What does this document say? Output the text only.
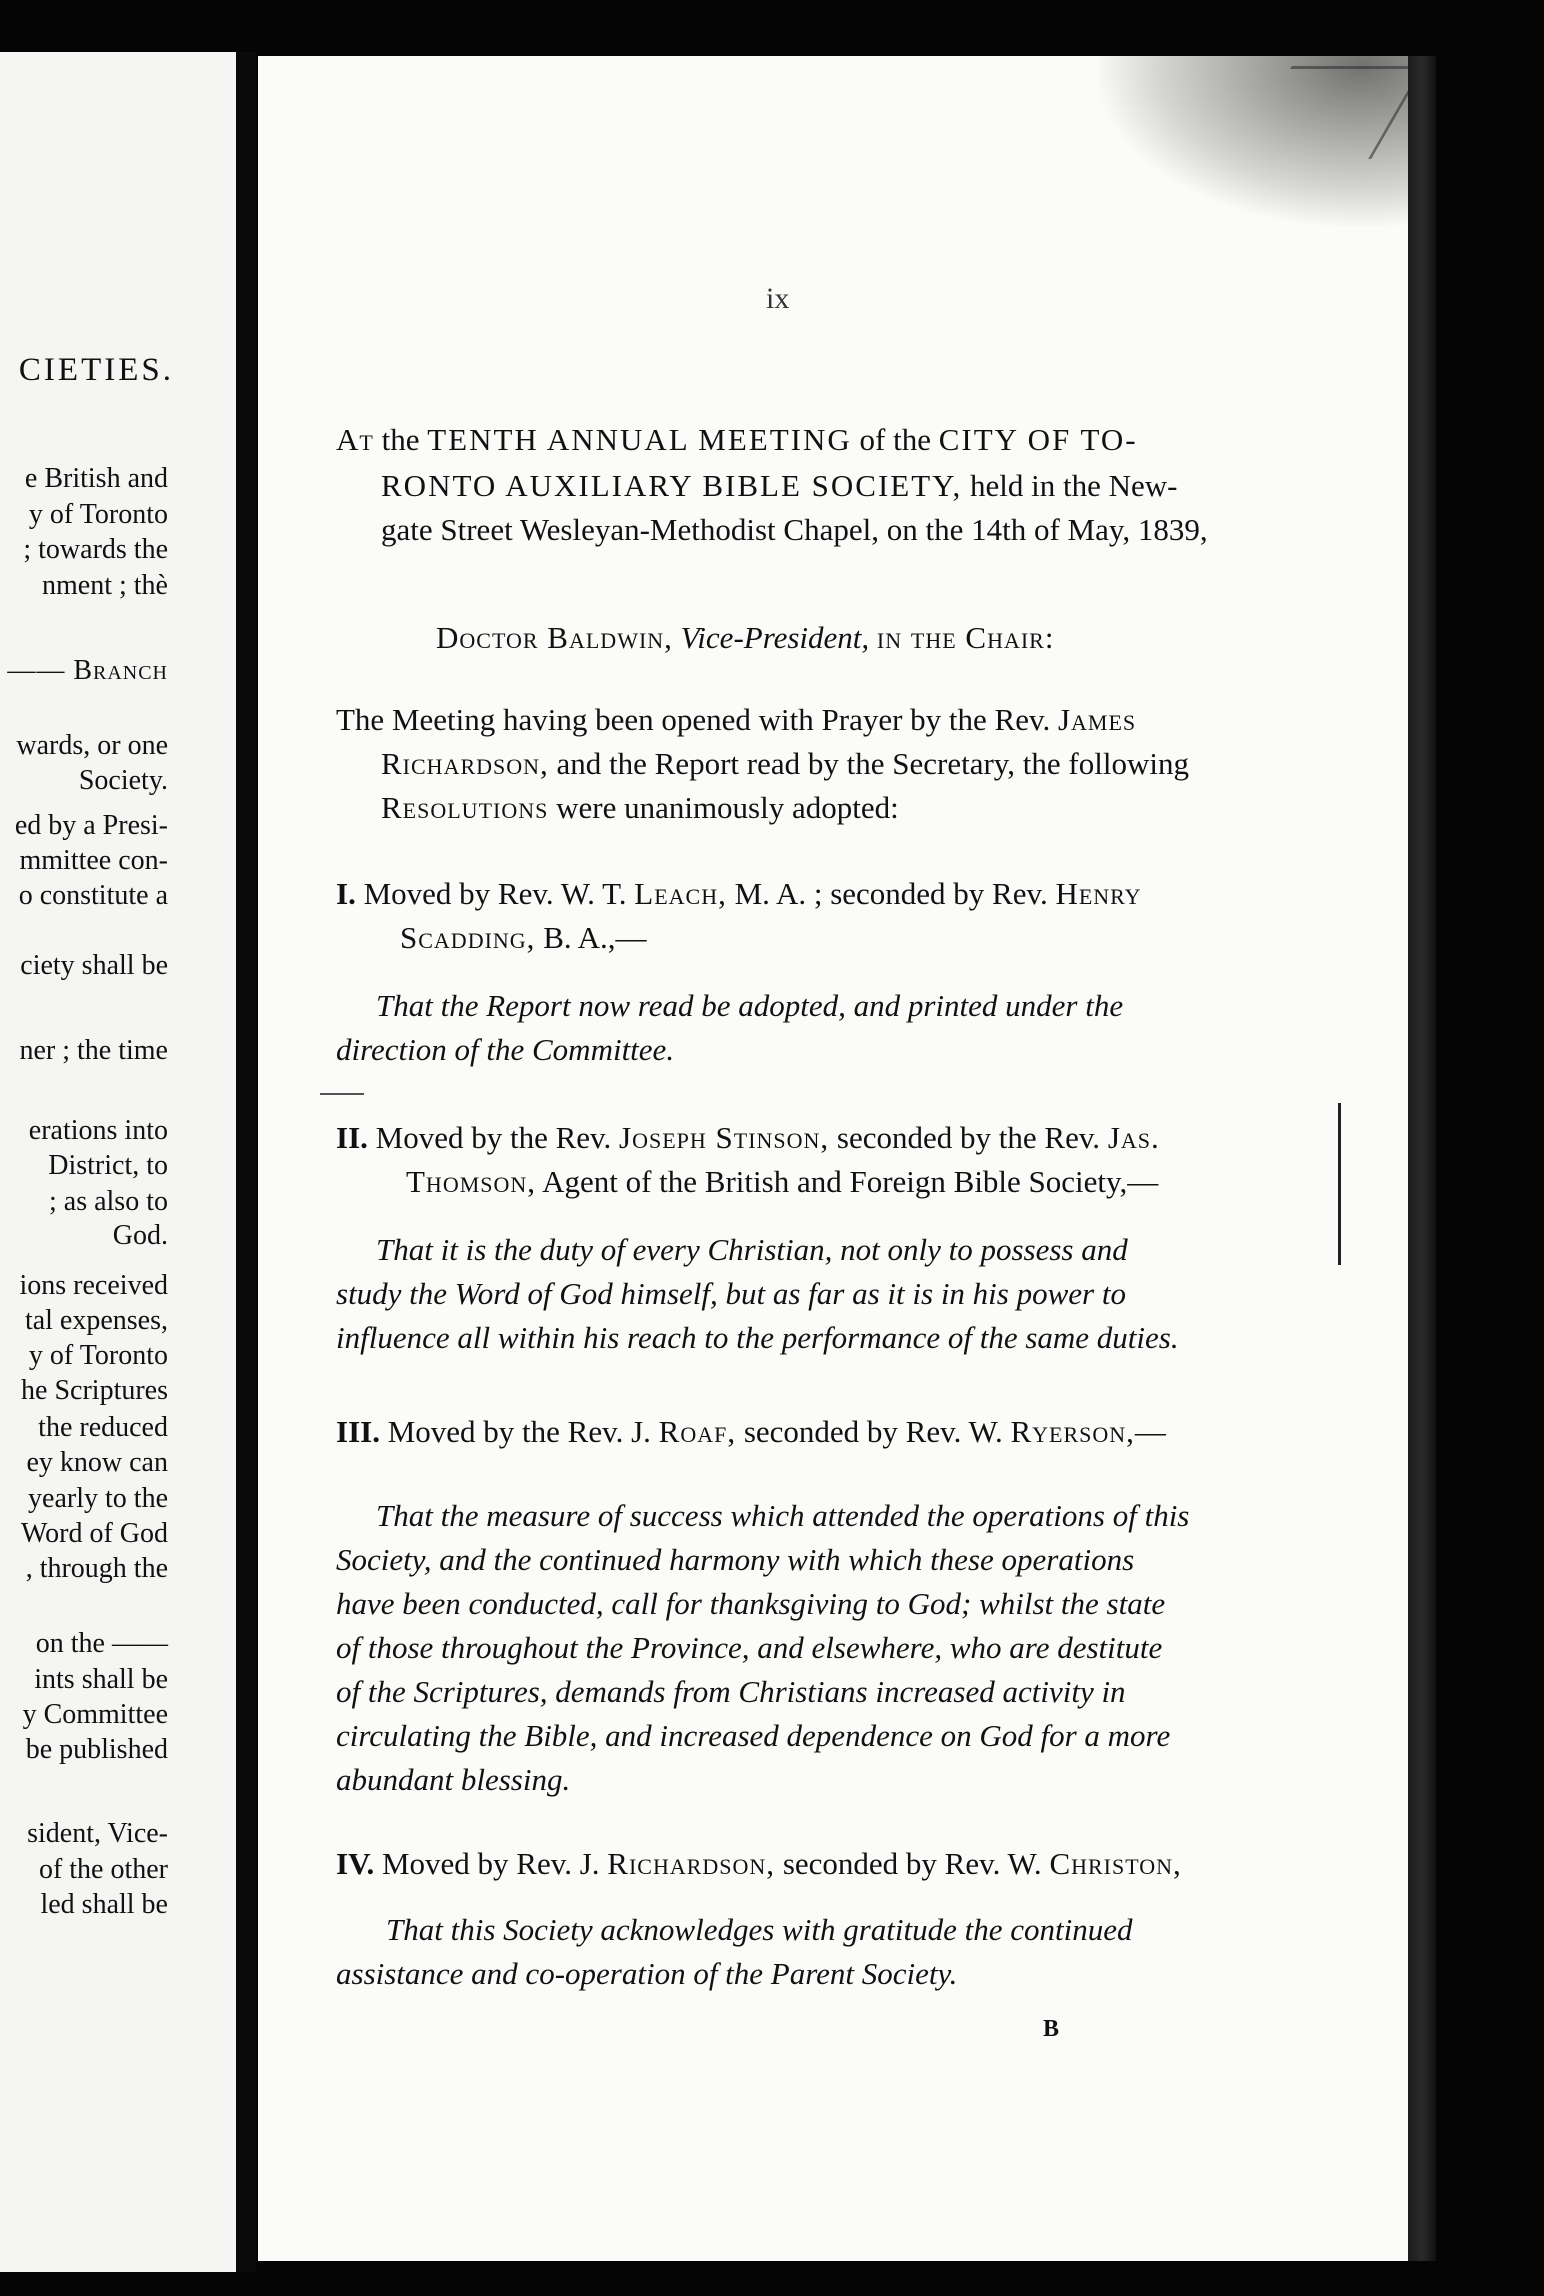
CIETIES.
e British and
y of Toronto
; towards the
nment ; thè
—— Branch
wards, or one
Society.
ed by a Presi-
mmittee con-
o constitute a
ciety shall be
ner ; the time
erations into
District, to
; as also to
God.
ions received
tal expenses,
y of Toronto
he Scriptures
the reduced
ey know can
yearly to the
Word of God
, through the
on the ——
ints shall be
y Committee
be published
sident, Vice-
of the other
led shall be
ix
At the TENTH ANNUAL MEETING of the CITY OF TO-
RONTO AUXILIARY BIBLE SOCIETY, held in the New-
gate Street Wesleyan-Methodist Chapel, on the 14th of May, 1839,
Doctor Baldwin, Vice-President, in the Chair:
The Meeting having been opened with Prayer by the Rev. James
Richardson, and the Report read by the Secretary, the following
Resolutions were unanimously adopted:
I. Moved by Rev. W. T. Leach, M. A. ; seconded by Rev. Henry
Scadding, B. A.,—
That the Report now read be adopted, and printed under the
direction of the Committee.
II. Moved by the Rev. Joseph Stinson, seconded by the Rev. Jas.
Thomson, Agent of the British and Foreign Bible Society,—
That it is the duty of every Christian, not only to possess and
study the Word of God himself, but as far as it is in his power to
influence all within his reach to the performance of the same duties.
III. Moved by the Rev. J. Roaf, seconded by Rev. W. Ryerson,—
That the measure of success which attended the operations of this
Society, and the continued harmony with which these operations
have been conducted, call for thanksgiving to God; whilst the state
of those throughout the Province, and elsewhere, who are destitute
of the Scriptures, demands from Christians increased activity in
circulating the Bible, and increased dependence on God for a more
abundant blessing.
IV. Moved by Rev. J. Richardson, seconded by Rev. W. Christon,
That this Society acknowledges with gratitude the continued
assistance and co-operation of the Parent Society.
B
